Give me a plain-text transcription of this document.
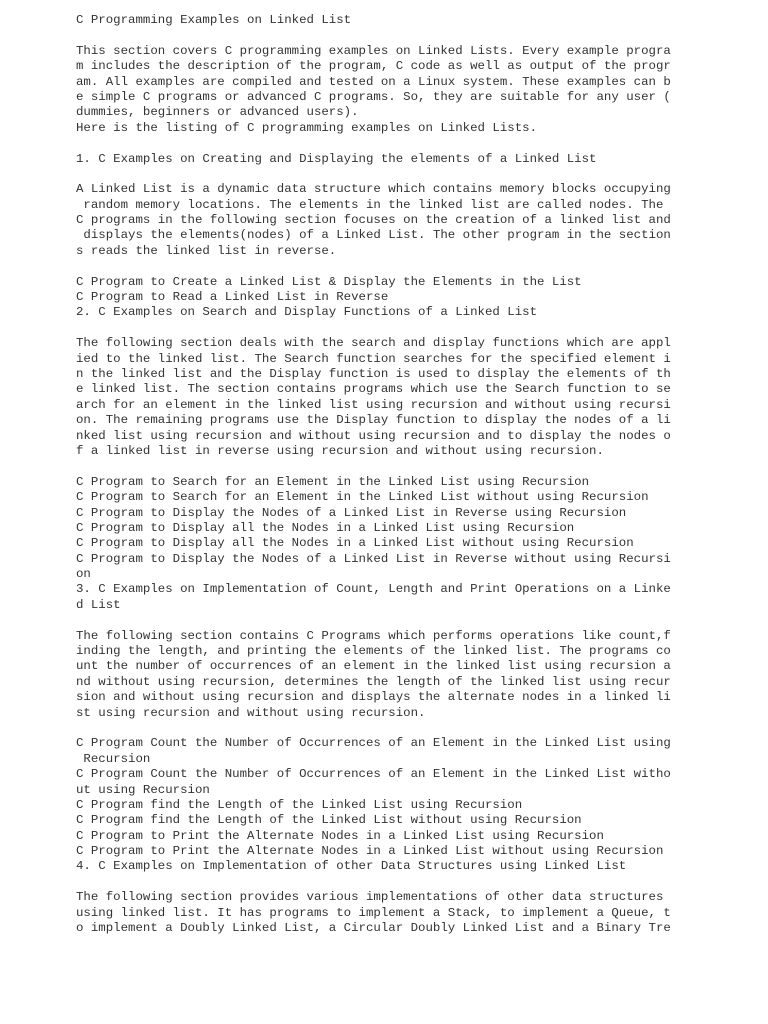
C Programming Examples on Linked List
This section covers C programming examples on Linked Lists. Every example progra
m includes the description of the program, C code as well as output of the progr
am. All examples are compiled and tested on a Linux system. These examples can b
e simple C programs or advanced C programs. So, they are suitable for any user (
dummies, beginners or advanced users).
Here is the listing of C programming examples on Linked Lists.
1. C Examples on Creating and Displaying the elements of a Linked List
A Linked List is a dynamic data structure which contains memory blocks occupying
random memory locations. The elements in the linked list are called nodes. The
C programs in the following section focuses on the creation of a linked list and
displays the elements(nodes) of a Linked List. The other program in the section
s reads the linked list in reverse.
C Program to Create a Linked List & Display the Elements in the List
C Program to Read a Linked List in Reverse
2. C Examples on Search and Display Functions of a Linked List
The following section deals with the search and display functions which are appl
ied to the linked list. The Search function searches for the specified element i
n the linked list and the Display function is used to display the elements of th
e linked list. The section contains programs which use the Search function to se
arch for an element in the linked list using recursion and without using recursi
on. The remaining programs use the Display function to display the nodes of a li
nked list using recursion and without using recursion and to display the nodes o
f a linked list in reverse using recursion and without using recursion.
C Program to Search for an Element in the Linked List using Recursion
C Program to Search for an Element in the Linked List without using Recursion
C Program to Display the Nodes of a Linked List in Reverse using Recursion
C Program to Display all the Nodes in a Linked List using Recursion
C Program to Display all the Nodes in a Linked List without using Recursion
C Program to Display the Nodes of a Linked List in Reverse without using Recursi
on
3. C Examples on Implementation of Count, Length and Print Operations on a Linke
d List
The following section contains C Programs which performs operations like count,f
inding the length, and printing the elements of the linked list. The programs co
unt the number of occurrences of an element in the linked list using recursion a
nd without using recursion, determines the length of the linked list using recur
sion and without using recursion and displays the alternate nodes in a linked li
st using recursion and without using recursion.
C Program Count the Number of Occurrences of an Element in the Linked List using
Recursion
C Program Count the Number of Occurrences of an Element in the Linked List witho
ut using Recursion
C Program find the Length of the Linked List using Recursion
C Program find the Length of the Linked List without using Recursion
C Program to Print the Alternate Nodes in a Linked List using Recursion
C Program to Print the Alternate Nodes in a Linked List without using Recursion
4. C Examples on Implementation of other Data Structures using Linked List
The following section provides various implementations of other data structures
using linked list. It has programs to implement a Stack, to implement a Queue, t
o implement a Doubly Linked List, a Circular Doubly Linked List and a Binary Tre
